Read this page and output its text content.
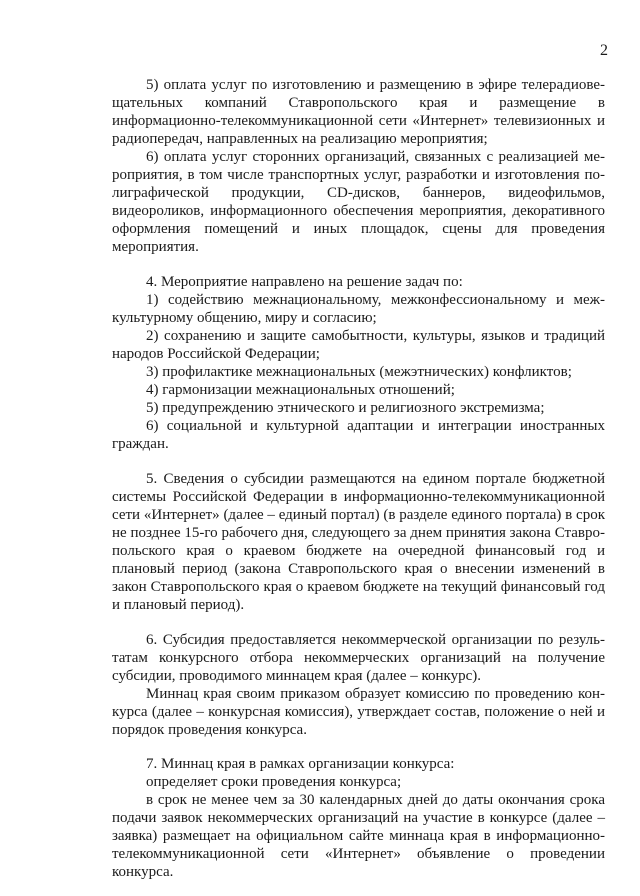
2

5) оплата услуг по изготовлению и размещению в эфире телерадиовещательных компаний Ставропольского края и размещение в информационно-телекоммуникационной сети «Интернет» телевизионных и радиопередач, направленных на реализацию мероприятия;

6) оплата услуг сторонних организаций, связанных с реализацией мероприятия, в том числе транспортных услуг, разработки и изготовления полиграфической продукции, CD-дисков, баннеров, видеофильмов, видеороликов, информационного обеспечения мероприятия, декоративного оформления помещений и иных площадок, сцены для проведения мероприятия.

4. Мероприятие направлено на решение задач по:

1) содействию межнациональному, межконфессиональному и межкультурному общению, миру и согласию;

2) сохранению и защите самобытности, культуры, языков и традиций народов Российской Федерации;

3) профилактике межнациональных (межэтнических) конфликтов;

4) гармонизации межнациональных отношений;

5) предупреждению этнического и религиозного экстремизма;

6) социальной и культурной адаптации и интеграции иностранных граждан.

5. Сведения о субсидии размещаются на едином портале бюджетной системы Российской Федерации в информационно-телекоммуникационной сети «Интернет» (далее – единый портал) (в разделе единого портала) в срок не позднее 15-го рабочего дня, следующего за днем принятия закона Ставропольского края о краевом бюджете на очередной финансовый год и плановый период (закона Ставропольского края о внесении изменений в закон Ставропольского края о краевом бюджете на текущий финансовый год и плановый период).

6. Субсидия предоставляется некоммерческой организации по результатам конкурсного отбора некоммерческих организаций на получение субсидии, проводимого миннацем края (далее – конкурс).

Миннац края своим приказом образует комиссию по проведению конкурса (далее – конкурсная комиссия), утверждает состав, положение о ней и порядок проведения конкурса.

7. Миннац края в рамках организации конкурса:

определяет сроки проведения конкурса;

в срок не менее чем за 30 календарных дней до даты окончания срока подачи заявок некоммерческих организаций на участие в конкурсе (далее – заявка) размещает на официальном сайте миннаца края в информационно-телекоммуникационной сети «Интернет» объявление о проведении конкурса.
